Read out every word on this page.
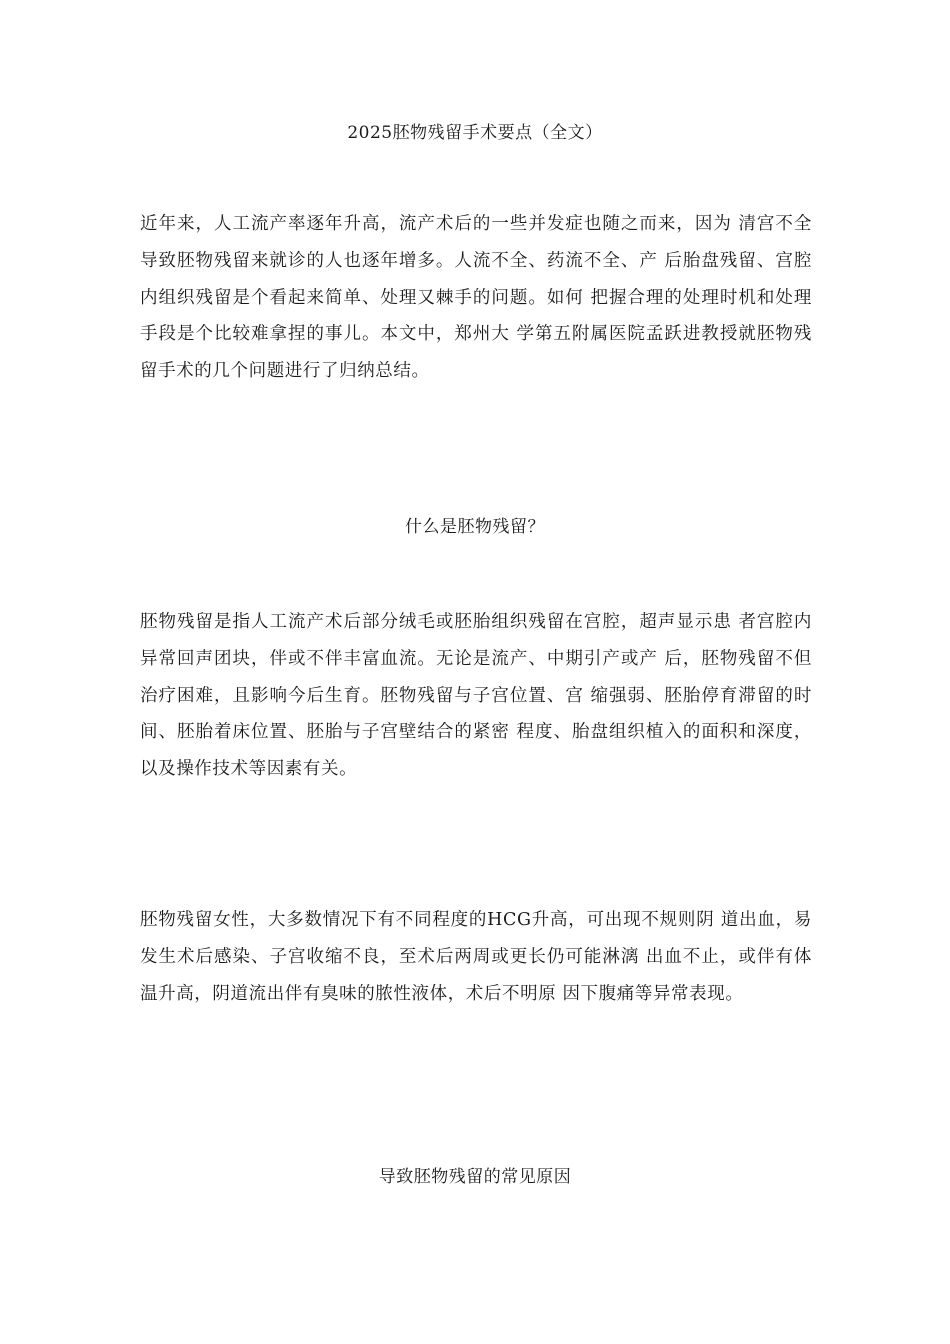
2025胚物残留手术要点（全文）

近年来，人工流产率逐年升高，流产术后的一些并发症也随之而来，因为 清宫不全导致胚物残留来就诊的人也逐年增多。人流不全、药流不全、产 后胎盘残留、宫腔内组织残留是个看起来简单、处理又棘手的问题。如何 把握合理的处理时机和处理手段是个比较难拿捏的事儿。本文中，郑州大 学第五附属医院孟跃进教授就胚物残留手术的几个问题进行了归纳总结。

什么是胚物残留？

胚物残留是指人工流产术后部分绒毛或胚胎组织残留在宫腔，超声显示患 者宫腔内异常回声团块，伴或不伴丰富血流。无论是流产、中期引产或产 后，胚物残留不但治疗困难，且影响今后生育。胚物残留与子宫位置、宫 缩强弱、胚胎停育滞留的时间、胚胎着床位置、胚胎与子宫壁结合的紧密 程度、胎盘组织植入的面积和深度，以及操作技术等因素有关。

胚物残留女性，大多数情况下有不同程度的HCG升高，可出现不规则阴 道出血，易发生术后感染、子宫收缩不良，至术后两周或更长仍可能淋漓 出血不止，或伴有体温升高，阴道流出伴有臭味的脓性液体，术后不明原 因下腹痛等异常表现。

导致胚物残留的常见原因
